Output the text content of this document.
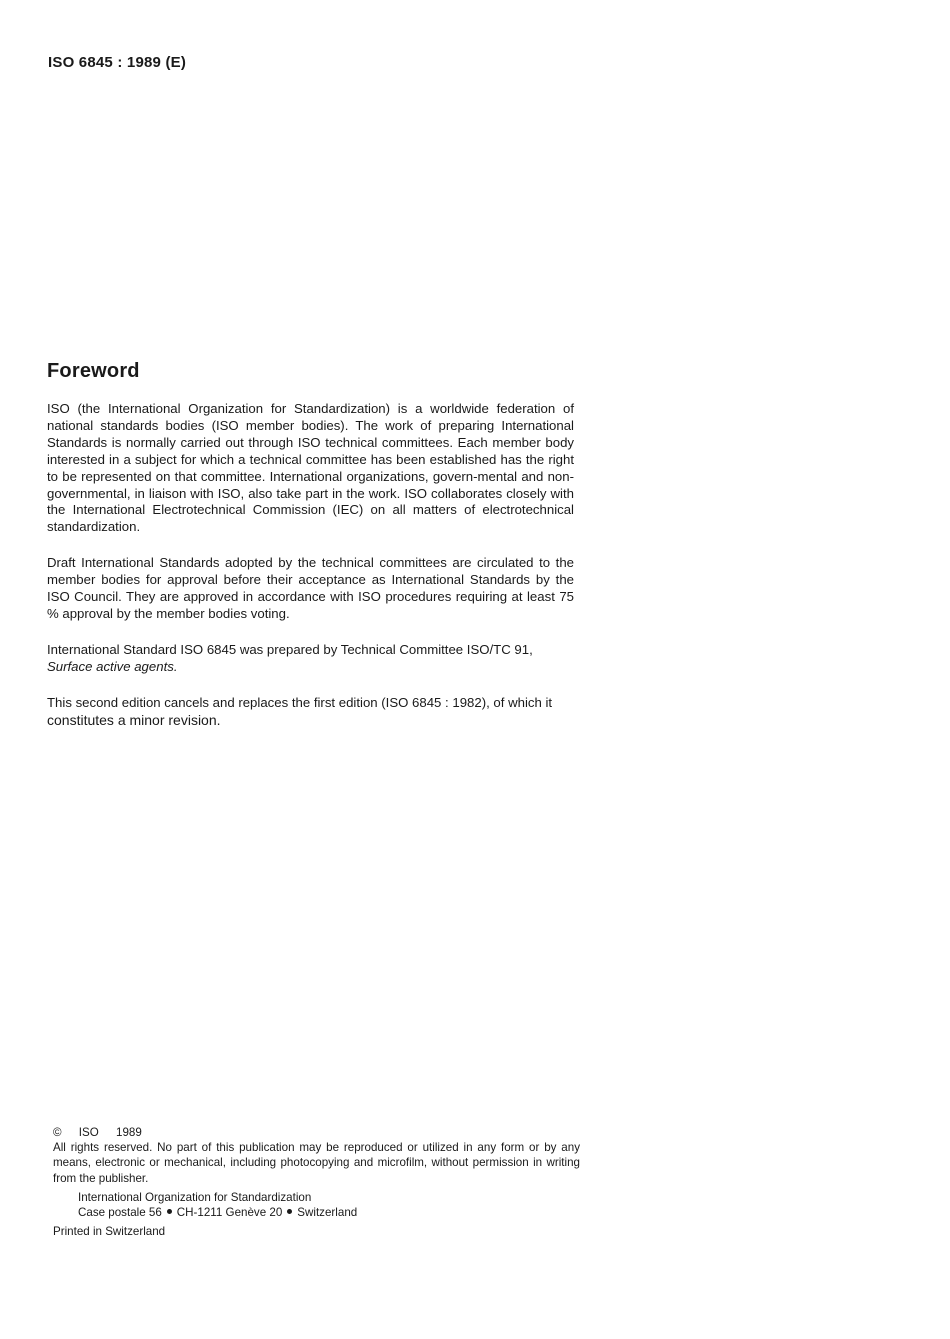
ISO 6845 : 1989 (E)
Foreword

ISO (the International Organization for Standardization) is a worldwide federation of national standards bodies (ISO member bodies). The work of preparing International Standards is normally carried out through ISO technical committees. Each member body interested in a subject for which a technical committee has been established has the right to be represented on that committee. International organizations, govern-mental and non-governmental, in liaison with ISO, also take part in the work. ISO collaborates closely with the International Electrotechnical Commission (IEC) on all matters of electrotechnical standardization.

Draft International Standards adopted by the technical committees are circulated to the member bodies for approval before their acceptance as International Standards by the ISO Council. They are approved in accordance with ISO procedures requiring at least 75 % approval by the member bodies voting.

International Standard ISO 6845 was prepared by Technical Committee ISO/TC 91,
Surface active agents.

This second edition cancels and replaces the first edition (ISO 6845 : 1982), of which it
constitutes a minor revision.

© ISO 1989
All rights reserved. No part of this publication may be reproduced or utilized in any form or by any means, electronic or mechanical, including photocopying and microfilm, without permission in writing from the publisher.
International Organization for Standardization
Case postale 56 CH-1211 Genève 20 Switzerland
Printed in Switzerland
